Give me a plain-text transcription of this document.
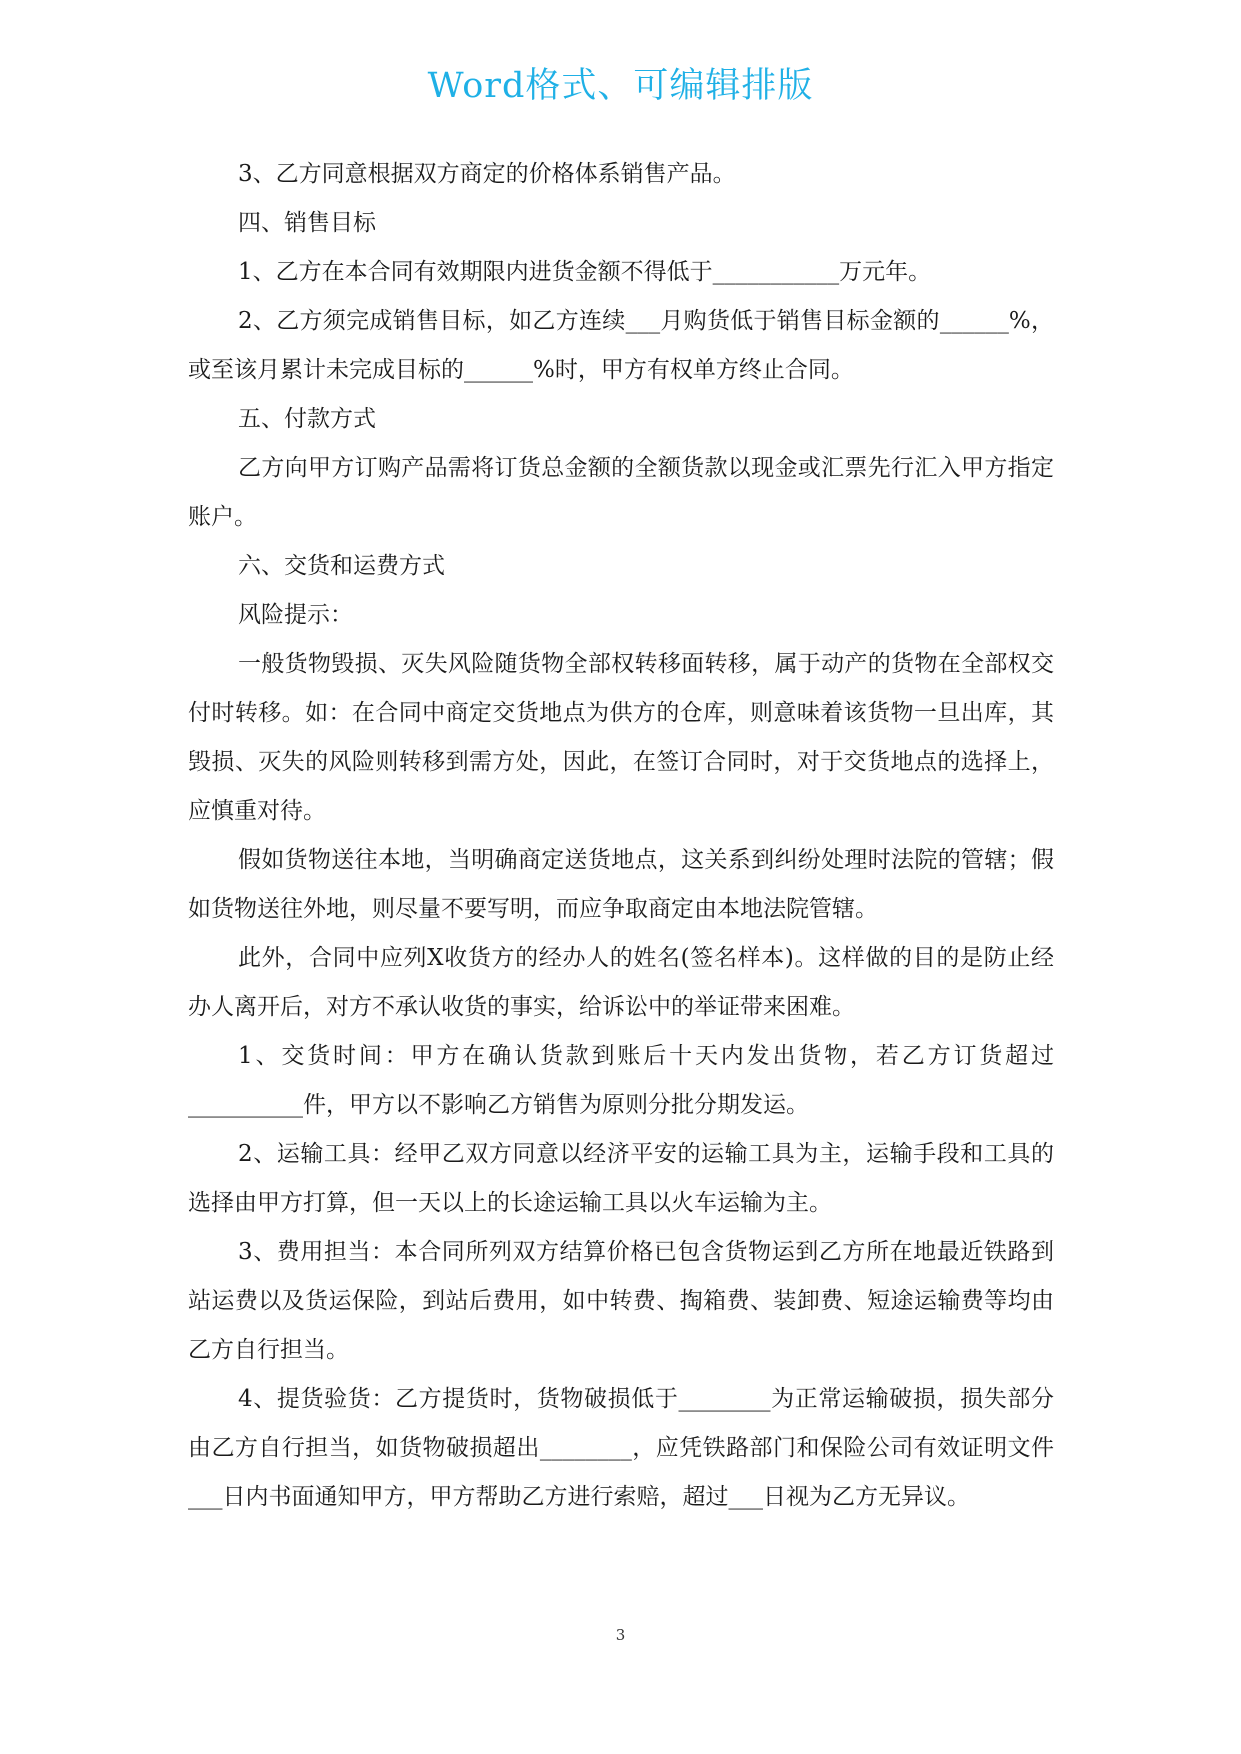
Word格式、可编辑排版

3、乙方同意根据双方商定的价格体系销售产品。

四、销售目标

1、乙方在本合同有效期限内进货金额不得低于___________万元年。

2、乙方须完成销售目标，如乙方连续___月购货低于销售目标金额的______%，或至该月累计未完成目标的______%时，甲方有权单方终止合同。

五、付款方式

乙方向甲方订购产品需将订货总金额的全额货款以现金或汇票先行汇入甲方指定账户。

六、交货和运费方式

风险提示：

一般货物毁损、灭失风险随货物全部权转移面转移，属于动产的货物在全部权交付时转移。如：在合同中商定交货地点为供方的仓库，则意味着该货物一旦出库，其毁损、灭失的风险则转移到需方处，因此，在签订合同时，对于交货地点的选择上，应慎重对待。

假如货物送往本地，当明确商定送货地点，这关系到纠纷处理时法院的管辖；假如货物送往外地，则尽量不要写明，而应争取商定由本地法院管辖。

此外，合同中应列X收货方的经办人的姓名(签名样本)。这样做的目的是防止经办人离开后，对方不承认收货的事实，给诉讼中的举证带来困难。

1、交货时间：甲方在确认货款到账后十天内发出货物，若乙方订货超过__________件，甲方以不影响乙方销售为原则分批分期发运。

2、运输工具：经甲乙双方同意以经济平安的运输工具为主，运输手段和工具的选择由甲方打算，但一天以上的长途运输工具以火车运输为主。

3、费用担当：本合同所列双方结算价格已包含货物运到乙方所在地最近铁路到站运费以及货运保险，到站后费用，如中转费、掏箱费、装卸费、短途运输费等均由乙方自行担当。

4、提货验货：乙方提货时，货物破损低于________为正常运输破损，损失部分由乙方自行担当，如货物破损超出________，应凭铁路部门和保险公司有效证明文件___日内书面通知甲方，甲方帮助乙方进行索赔，超过___日视为乙方无异议。

3
